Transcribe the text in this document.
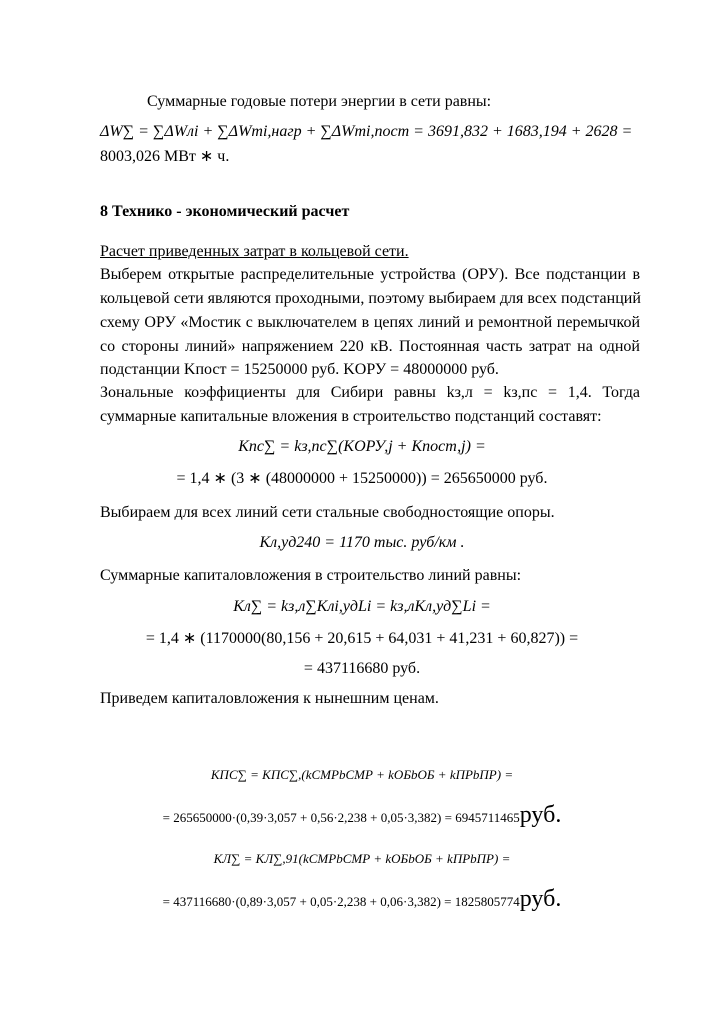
Суммарные годовые потери энергии в сети равны:
ΔW∑ = ∑ΔWлi + ∑ΔWтi,нагр + ∑ΔWтi,пост = 3691,832 + 1683,194 + 2628 =
8003,026 МВт ∗ ч.
8 Технико - экономический расчет
Расчет приведенных затрат в кольцевой сети.
Выберем открытые распределительные устройства (ОРУ). Все подстанции в
кольцевой сети являются проходными, поэтому выбираем для всех подстанций
схему ОРУ «Мостик с выключателем в цепях линий и ремонтной перемычкой
со стороны линий» напряжением 220 кВ. Постоянная часть затрат на одной
подстанции Kпост = 15250000 руб. KОРУ = 48000000 руб.
Зональные коэффициенты для Сибири равны kз,л = kз,пс = 1,4. Тогда
суммарные капитальные вложения в строительство подстанций составят:
Kпс∑ = kз,пс∑(KОРУ,j + Kпост,j) =
= 1,4 ∗ (3 ∗ (48000000 + 15250000)) = 265650000 руб.
Выбираем для всех линий сети стальные свободностоящие опоры.
Kл,уд240 = 1170 тыс. руб/км .
Суммарные капиталовложения в строительство линий равны:
Kл∑ = kз,л∑Kлi,удLi = kз,лKл,уд∑Li =
= 1,4 ∗ (1170000(80,156 + 20,615 + 64,031 + 41,231 + 60,827)) =
= 437116680 руб.
Приведем капиталовложения к нынешним ценам.
KПС∑ = KПС∑,(kСМРbСМР + kОБbОБ + kПРbПР) =
= 265650000·(0,39·3,057 + 0,56·2,238 + 0,05·3,382) = 6945711465руб.
KЛ∑ = KЛ∑,91(kСМРbСМР + kОБbОБ + kПРbПР) =
= 437116680·(0,89·3,057 + 0,05·2,238 + 0,06·3,382) = 1825805774руб.
